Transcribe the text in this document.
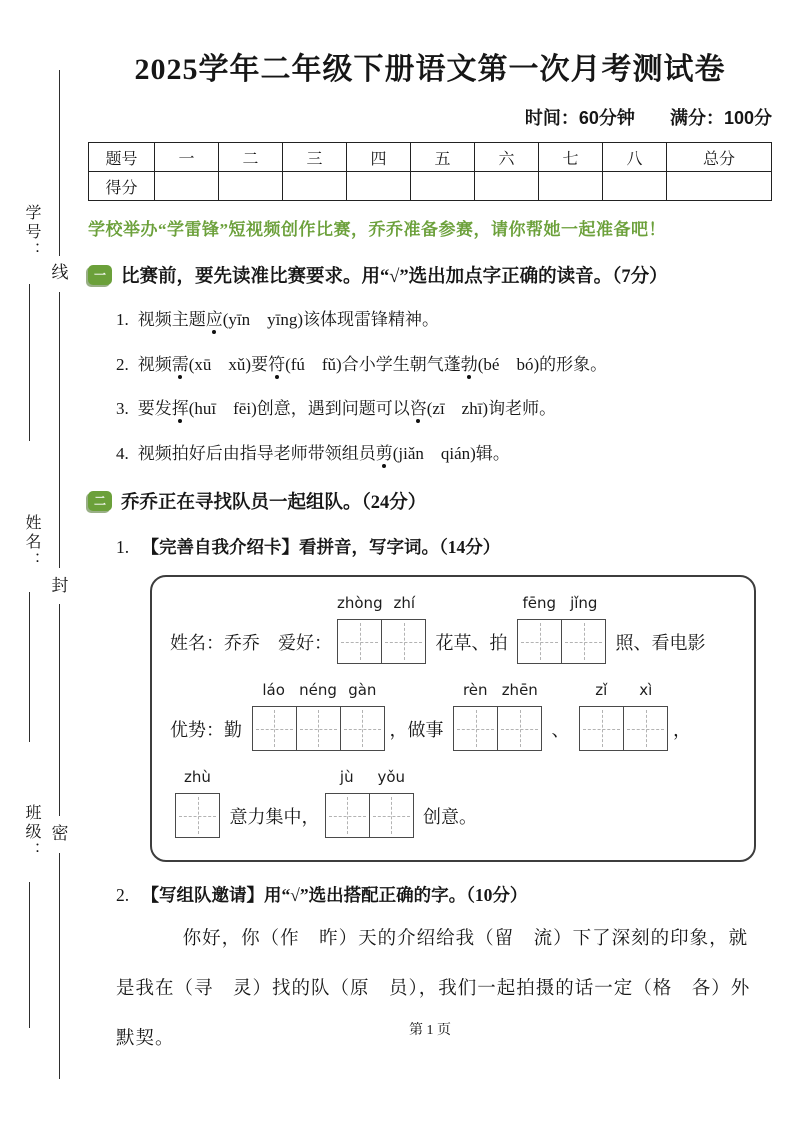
线
封
密
学号：
姓名：
班级：
2025学年二年级下册语文第一次月考测试卷
时间：60分钟 满分：100分
题号	一	二	三	四	五	六	七	八	总分
得分									

学校举办“学雷锋”短视频创作比赛，乔乔准备参赛，请你帮她一起准备吧！

一 比赛前，要先读准比赛要求。用“√”选出加点字正确的读音。（7分）
1. 视频主题应(yīn　yīng)该体现雷锋精神。
2. 视频需(xū　xǔ)要符(fú　fǔ)合小学生朝气蓬勃(bé　bó)的形象。
3. 要发挥(huī　fēi)创意，遇到问题可以咨(zī　zhī)询老师。
4. 视频拍好后由指导老师带领组员剪(jiǎn　qián)辑。
二 乔乔正在寻找队员一起组队。（24分）
1. 【完善自我介绍卡】看拼音，写字词。（14分）
姓名：乔乔　爱好：
zhòng zhí
花草、拍
fēng jǐng
照、看电影
优势：勤
láo néng gàn
，做事
rèn zhēn
、
zǐ	xì
，
zhù
意力集中，
jù	yǒu
创意。
2. 【写组队邀请】用“√”选出搭配正确的字。（10分）

你好，你（作　昨）天的介绍给我（留　流）下了深刻的印象，就是我在（寻　灵）找的队（原　员），我们一起拍摄的话一定（格　各）外默契。	第 1 页
